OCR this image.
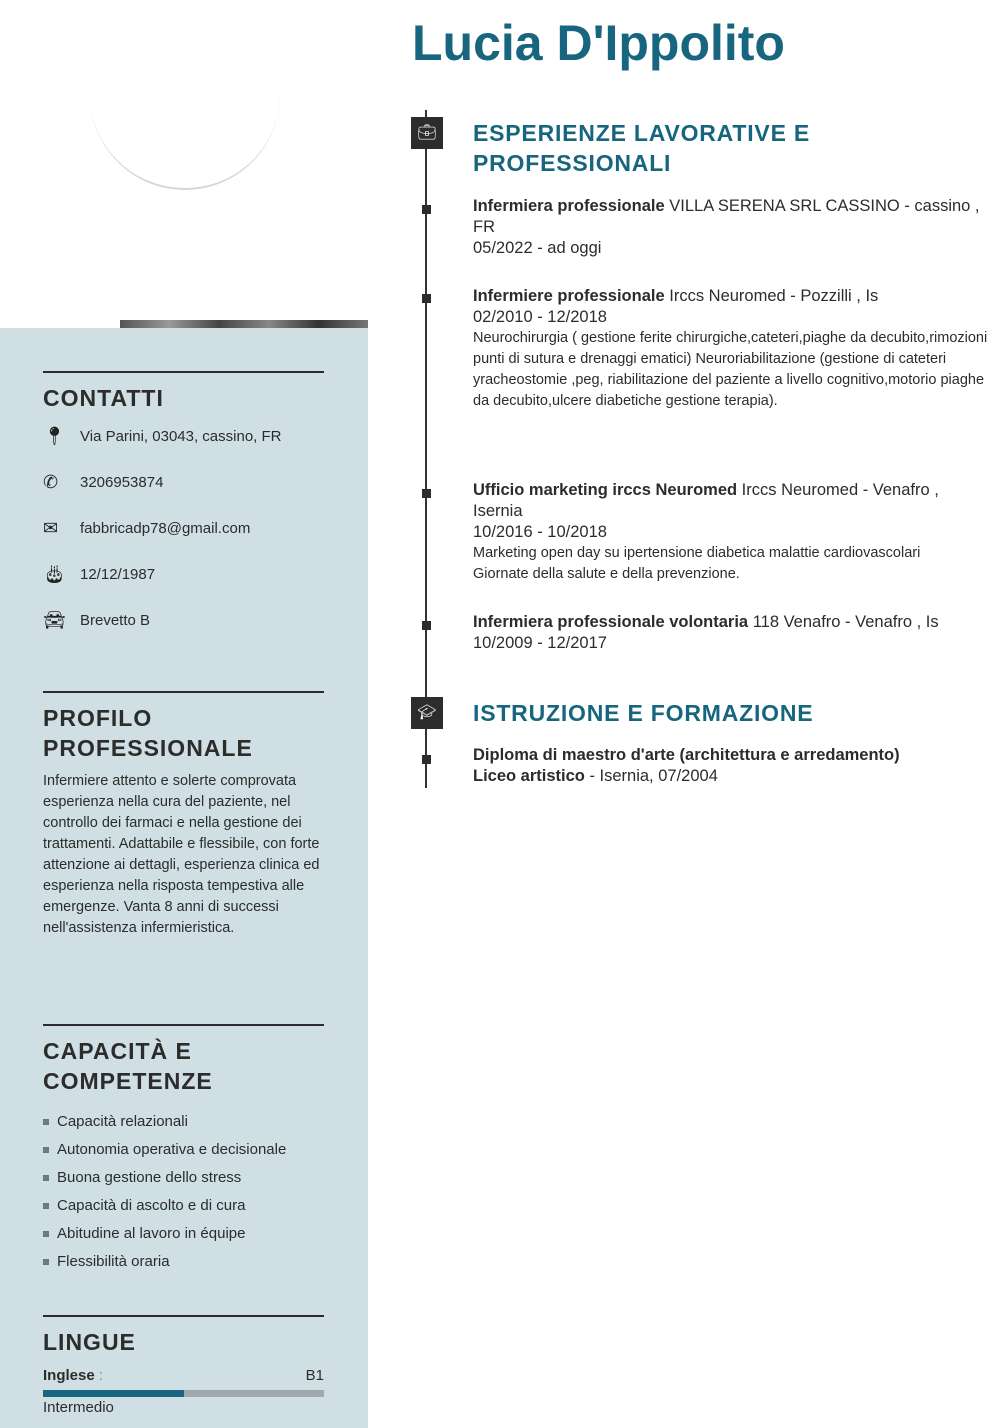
CONTATTI
📍︎ Via Parini, 03043, cassino, FR
✆	3206953874
✉	fabbricadp78@gmail.com
🎂︎ 12/12/1987
🚘︎ Brevetto B
PROFILO PROFESSIONALE

Infermiere attento e solerte comprovata esperienza nella cura del paziente, nel controllo dei farmaci e nella gestione dei trattamenti. Adattabile e flessibile, con forte attenzione ai dettagli, esperienza clinica ed esperienza nella risposta tempestiva alle emergenze. Vanta 8 anni di successi nell'assistenza infermieristica.

CAPACITÀ E COMPETENZE
Capacità relazionali
Autonomia operativa e decisionale
Buona gestione dello stress
Capacità di ascolto e di cura
Abitudine al lavoro in équipe
Flessibilità oraria
LINGUE
Inglese :	B1
Intermedio
Lucia D'Ippolito
💼︎ ESPERIENZE LAVORATIVE E PROFESSIONALI
Infermiera professionale VILLA SERENA SRL CASSINO - cassino , FR
05/2022 - ad oggi
Infermiere professionale Irccs Neuromed - Pozzilli , Is
02/2010 - 12/2018
Neurochirurgia ( gestione ferite chirurgiche,cateteri,piaghe da decubito,rimozioni punti di sutura e drenaggi ematici) Neuroriabilitazione (gestione di cateteri yracheostomie ,peg, riabilitazione del paziente a livello cognitivo,motorio piaghe da decubito,ulcere diabetiche gestione terapia).
Ufficio marketing irccs Neuromed Irccs Neuromed - Venafro , Isernia
10/2016 - 10/2018
Marketing open day su ipertensione diabetica malattie cardiovascolari Giornate della salute e della prevenzione.
Infermiera professionale volontaria 118 Venafro - Venafro , Is
10/2009 - 12/2017
🎓︎ ISTRUZIONE E FORMAZIONE
Diploma di maestro d'arte (architettura e arredamento)
Liceo artistico - Isernia, 07/2004
